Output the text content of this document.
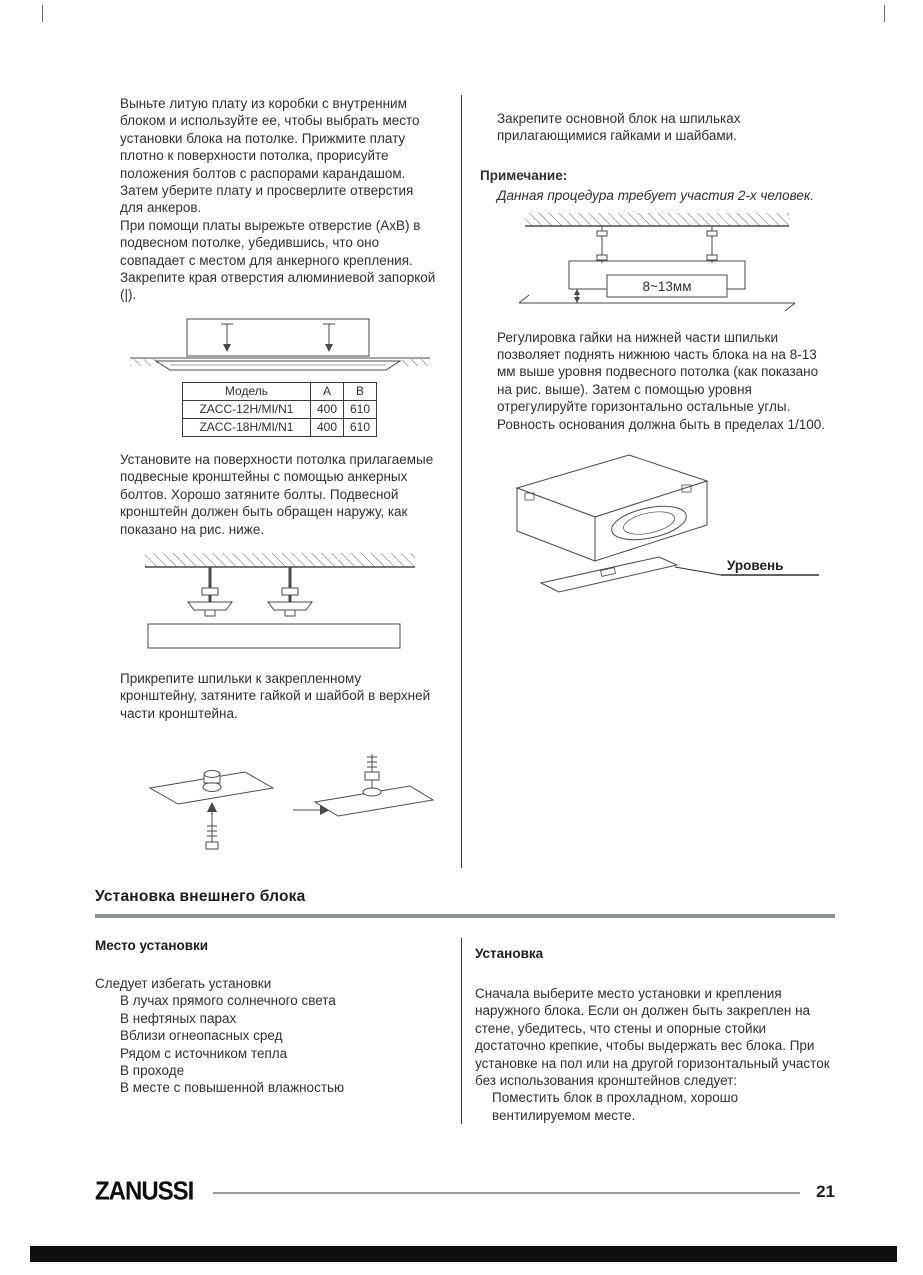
Выньте литую плату из коробки с внутренним блоком и используйте ее, чтобы выбрать место установки блока на потолке. Прижмите плату плотно к поверхности потолка, прорисуйте положения болтов с распорами карандашом. Затем уберите плату и просверлите отверстия для анкеров.

При помощи платы вырежьте отверстие (АхВ) в подвесном потолке, убедившись, что оно совпадает с местом для анкерного крепления. Закрепите края отверстия алюминиевой запоркой (|).

Модель	A	B
ZACC-12H/MI/N1	400	610
ZACC-18H/MI/N1	400	610

Установите на поверхности потолка прилагаемые подвесные кронштейны с помощью анкерных болтов. Хорошо затяните болты. Подвесной кронштейн должен быть обращен наружу, как показано на рис. ниже.

Прикрепите шпильки к закрепленному кронштейну, затяните гайкой и шайбой в верхней части кронштейна.

Закрепите основной блок на шпильках прилагающимися гайками и шайбами.

Примечание:

Данная процедура требует участия 2-х человек.

8~13мм

Регулировка гайки на нижней части шпильки позволяет поднять нижнюю часть блока на на 8-13 мм выше уровня подвесного потолка (как показано на рис. выше). Затем с помощью уровня отрегулируйте горизонтально остальные углы. Ровность основания должна быть в пределах 1/100.

Уровень
Установка внешнего блока
Место установки

Следует избегать установки

В лучах прямого солнечного света
В нефтяных парах
Вблизи огнеопасных сред
Рядом с источником тепла
В проходе
В месте с повышенной влажностью
Установка

Сначала выберите место установки и крепления наружного блока. Если он должен быть закреплен на стене, убедитесь, что стены и опорные стойки достаточно крепкие, чтобы выдержать вес блока. При установке на пол или на другой горизонтальный участок без использования кронштейнов следует:

Поместить блок в прохладном, хорошо вентилируемом месте.

ZANUSSI	21
